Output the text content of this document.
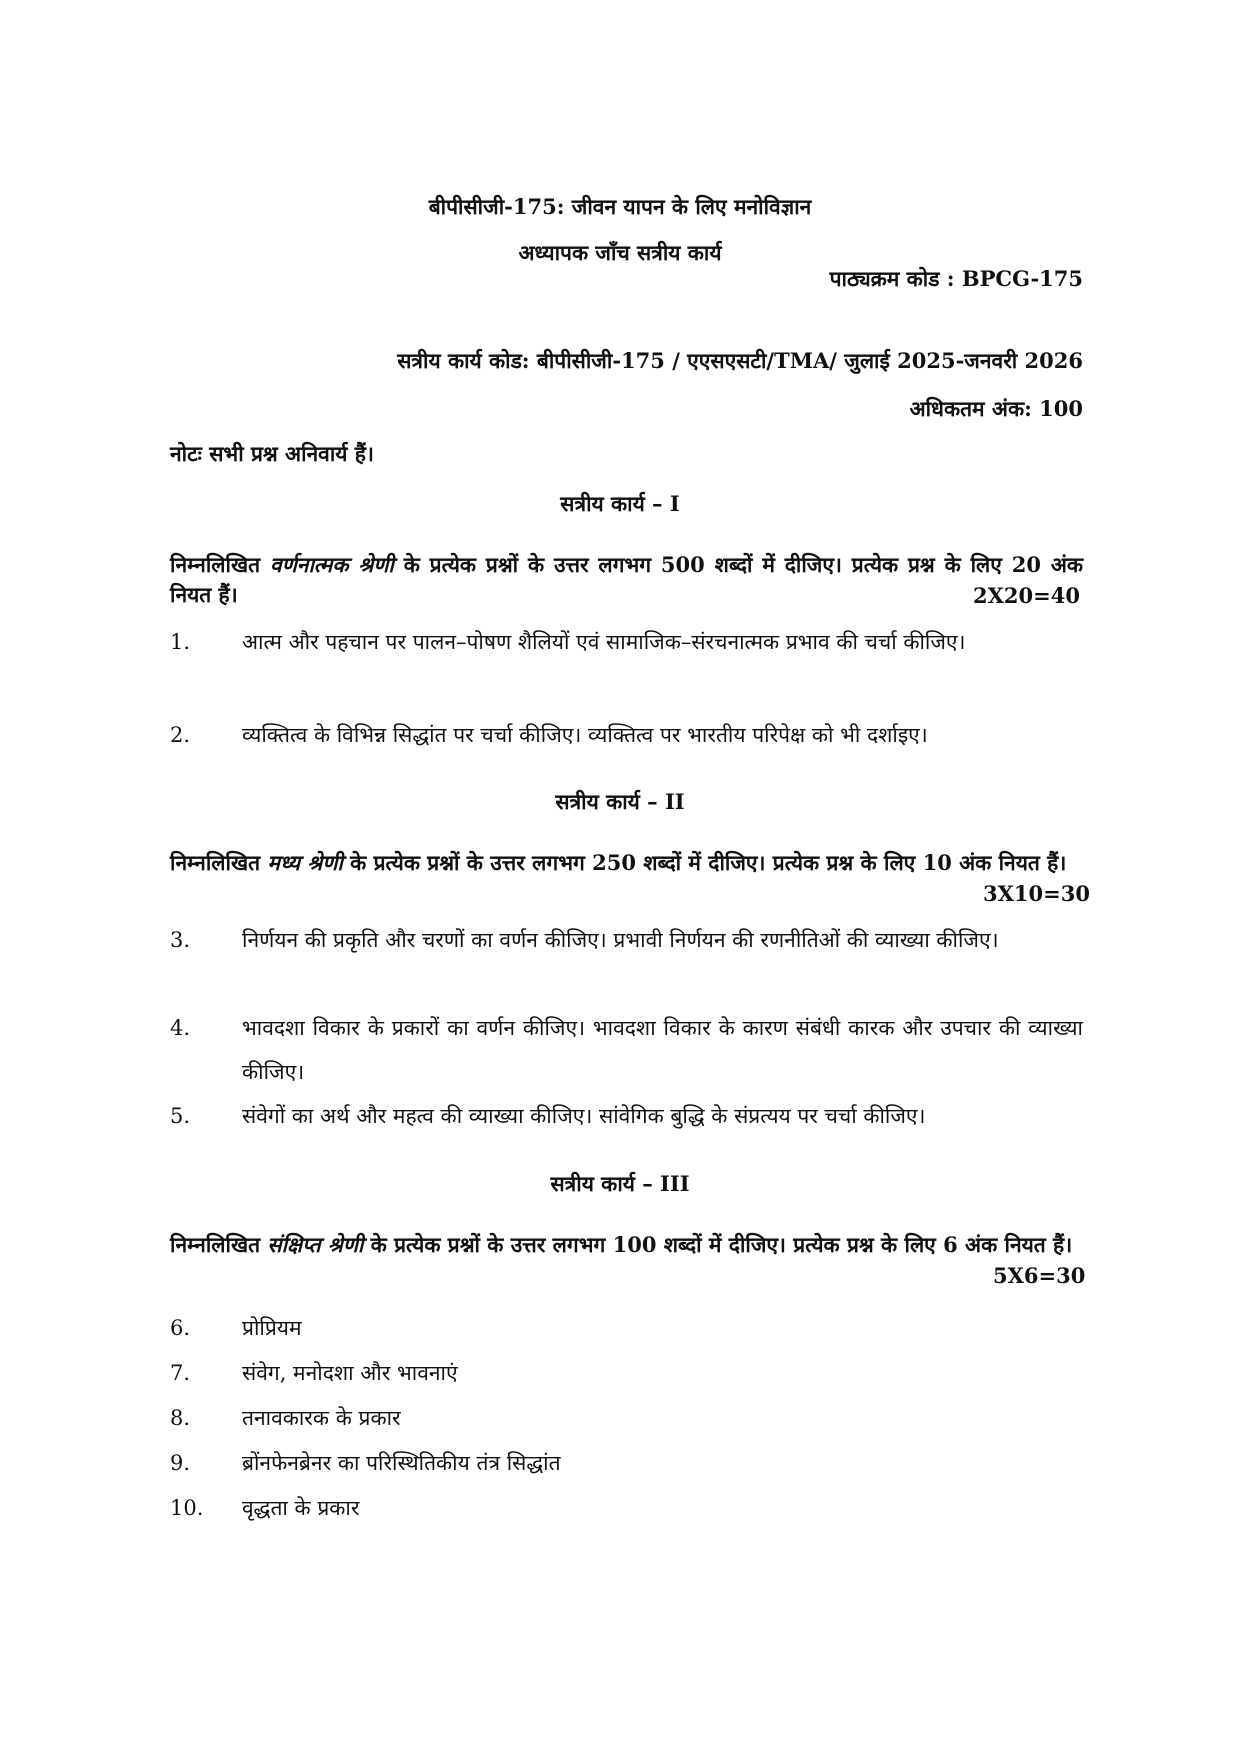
बीपीसीजी-175: जीवन यापन के लिए मनोविज्ञान
अध्यापक जाँच सत्रीय कार्य
पाठ्यक्रम कोड : BPCG-175
सत्रीय कार्य कोड: बीपीसीजी-175 / एएसएसटी/TMA/ जुलाई 2025-जनवरी 2026
अधिकतम अंक: 100
नोटः सभी प्रश्न अनिवार्य हैं।
सत्रीय कार्य – I
निम्नलिखित वर्णनात्मक श्रेणी के प्रत्येक प्रश्नों के उत्तर लगभग 500 शब्दों में दीजिए। प्रत्येक प्रश्न के लिए 20 अंक नियत हैं।	2X20=40
1.	आत्म और पहचान पर पालन–पोषण शैलियों एवं सामाजिक–संरचनात्मक प्रभाव की चर्चा कीजिए।
2.	व्यक्तित्व के विभिन्न सिद्धांत पर चर्चा कीजिए। व्यक्तित्व पर भारतीय परिपेक्ष को भी दर्शाइए।
सत्रीय कार्य – II
निम्नलिखित मध्य श्रेणी के प्रत्येक प्रश्नों के उत्तर लगभग 250 शब्दों में दीजिए। प्रत्येक प्रश्न के लिए 10 अंक नियत हैं।
3X10=30
3.	निर्णयन की प्रकृति और चरणों का वर्णन कीजिए। प्रभावी निर्णयन की रणनीतिओं की व्याख्या कीजिए।
4.	भावदशा विकार के प्रकारों का वर्णन कीजिए। भावदशा विकार के कारण संबंधी कारक और उपचार की व्याख्या कीजिए।
5.	संवेगों का अर्थ और महत्व की व्याख्या कीजिए। सांवेगिक बुद्धि के संप्रत्यय पर चर्चा कीजिए।
सत्रीय कार्य – III
निम्नलिखित संक्षिप्त श्रेणी के प्रत्येक प्रश्नों के उत्तर लगभग 100 शब्दों में दीजिए। प्रत्येक प्रश्न के लिए 6 अंक नियत हैं।
5X6=30
6.	प्रोप्रियम
7.	संवेग, मनोदशा और भावनाएं
8.	तनावकारक के प्रकार
9.	ब्रोंनफेनब्रेनर का परिस्थितिकीय तंत्र सिद्धांत
10.	वृद्धता के प्रकार
